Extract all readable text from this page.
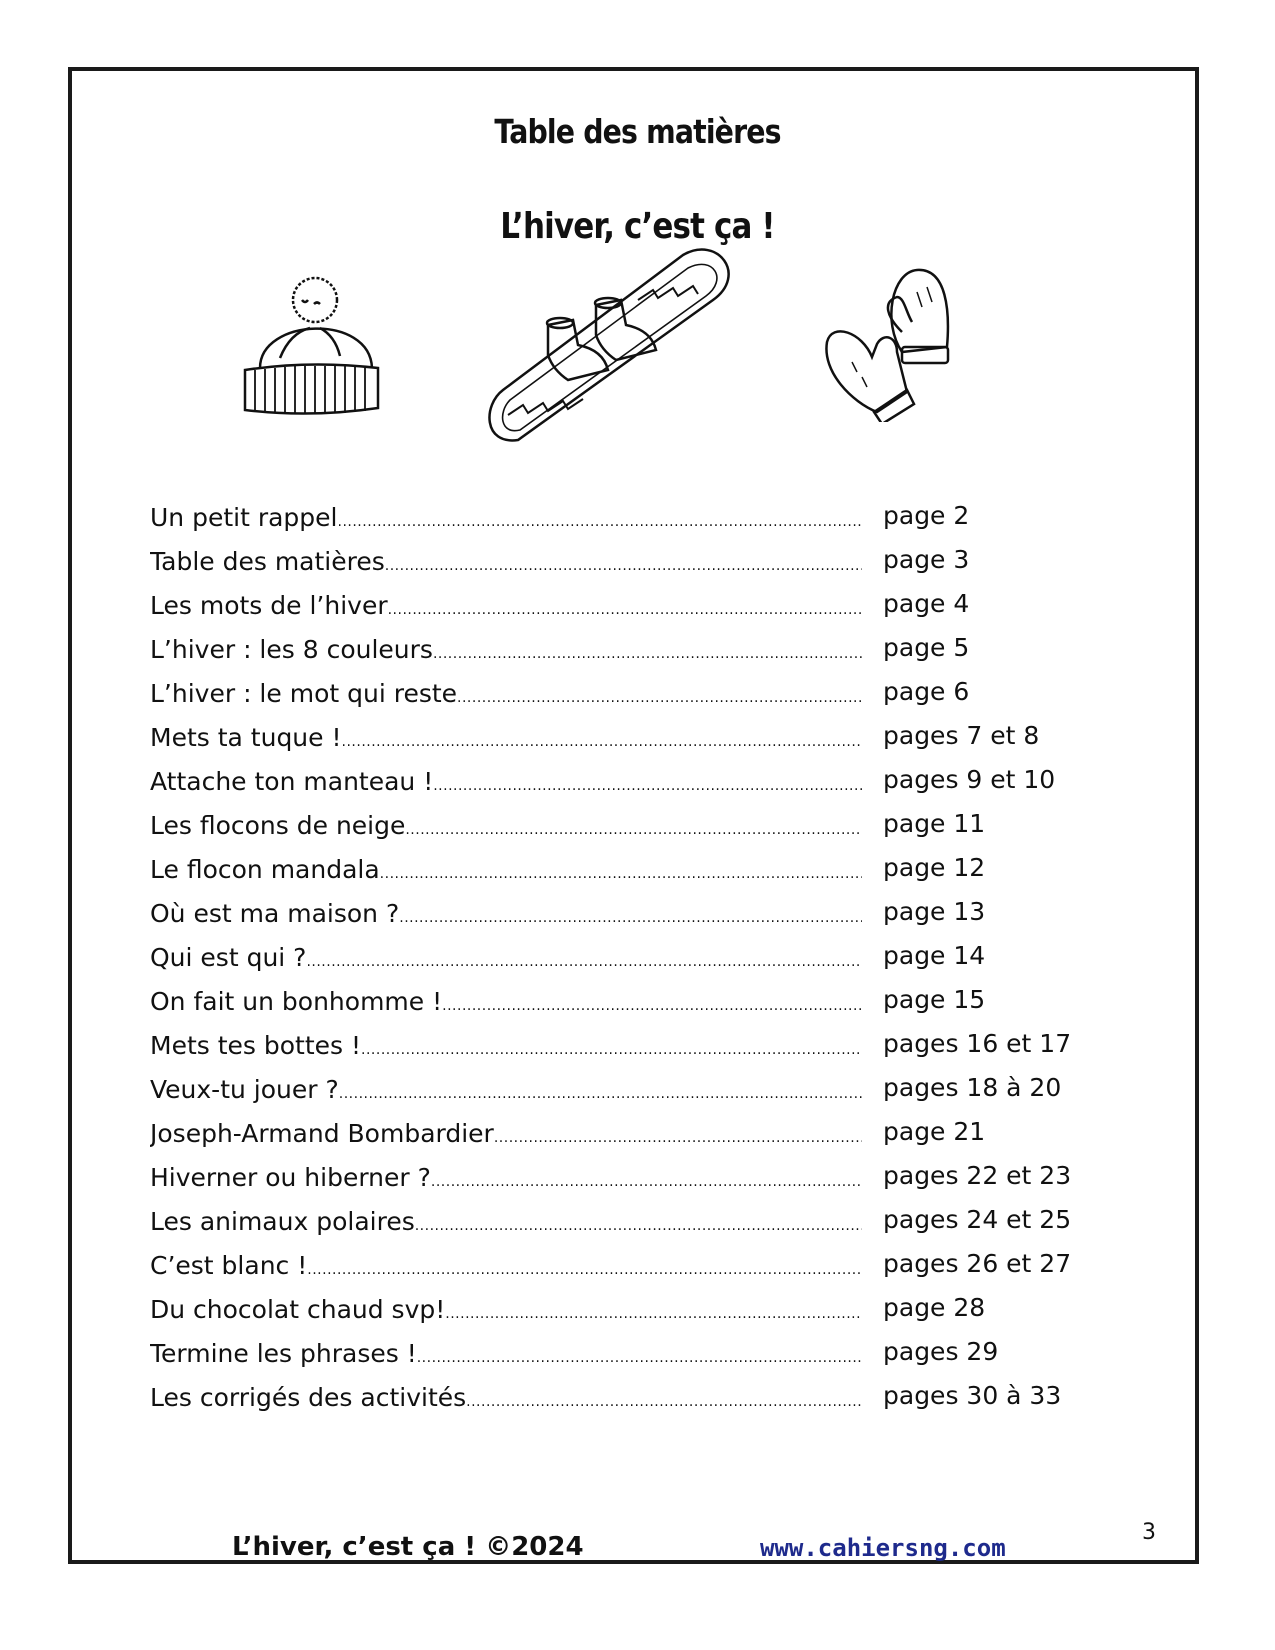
Table des matières
L’hiver, c’est ça !
Un petit rappel .....	page 2
Table des matières .....	page 3
Les mots de l’hiver .....	page 4
L’hiver : les 8 couleurs .....	page 5
L’hiver : le mot qui reste .....	page 6
Mets ta tuque ! .....	pages 7 et 8
Attache ton manteau ! .....	pages 9 et 10
Les flocons de neige .....	page 11
Le flocon mandala .....	page 12
Où est ma maison ? .....	page 13
Qui est qui ? .....	page 14
On fait un bonhomme ! .....	page 15
Mets tes bottes ! .....	pages 16 et 17
Veux-tu jouer ? .....	pages 18 à 20
Joseph-Armand Bombardier .....	page 21
Hiverner ou hiberner ? .....	pages 22 et 23
Les animaux polaires .....	pages 24 et 25
C’est blanc ! .....	pages 26 et 27
Du chocolat chaud svp! .....	page 28
Termine les phrases ! .....	pages 29
Les corrigés des activités .....	pages 30 à 33
L’hiver, c’est ça ! ©2024	www.cahiersng.com
3
